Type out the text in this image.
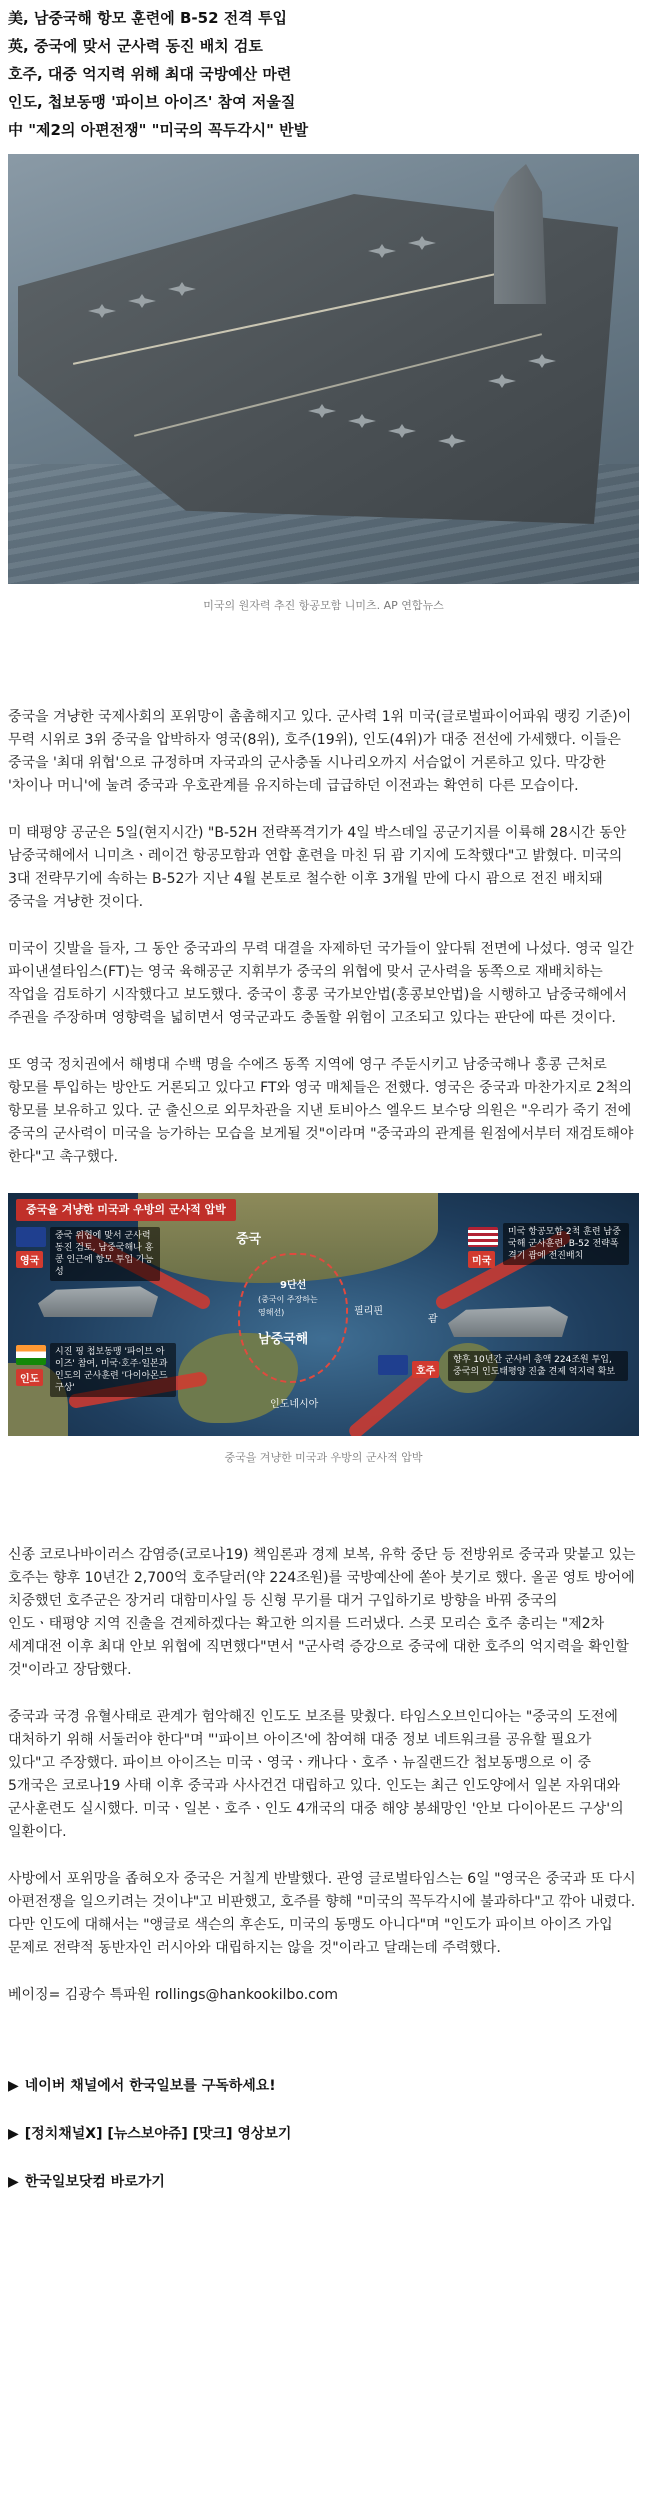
美, 남중국해 항모 훈련에 B-52 전격 투입
英, 중국에 맞서 군사력 동진 배치 검토
호주, 대중 억지력 위해 최대 국방예산 마련
인도, 첩보동맹 '파이브 아이즈' 참여 저울질
中 "제2의 아편전쟁" "미국의 꼭두각시" 반발
미국의 원자력 추진 항공모함 니미츠. AP 연합뉴스

중국을 겨냥한 국제사회의 포위망이 촘촘해지고 있다. 군사력 1위 미국(글로벌파이어파워 랭킹 기준)이 무력 시위로 3위 중국을 압박하자 영국(8위), 호주(19위), 인도(4위)가 대중 전선에 가세했다. 이들은 중국을 '최대 위협'으로 규정하며 자국과의 군사충돌 시나리오까지 서슴없이 거론하고 있다. 막강한 '차이나 머니'에 눌려 중국과 우호관계를 유지하는데 급급하던 이전과는 확연히 다른 모습이다.

미 태평양 공군은 5일(현지시간) "B-52H 전략폭격기가 4일 박스데일 공군기지를 이륙해 28시간 동안 남중국해에서 니미츠ㆍ레이건 항공모함과 연합 훈련을 마친 뒤 괌 기지에 도착했다"고 밝혔다. 미국의 3대 전략무기에 속하는 B-52가 지난 4월 본토로 철수한 이후 3개월 만에 다시 괌으로 전진 배치돼 중국을 겨냥한 것이다.

미국이 깃발을 들자, 그 동안 중국과의 무력 대결을 자제하던 국가들이 앞다퉈 전면에 나섰다. 영국 일간 파이낸셜타임스(FT)는 영국 육해공군 지휘부가 중국의 위협에 맞서 군사력을 동쪽으로 재배치하는 작업을 검토하기 시작했다고 보도했다. 중국이 홍콩 국가보안법(홍콩보안법)을 시행하고 남중국해에서 주권을 주장하며 영향력을 넓히면서 영국군과도 충돌할 위험이 고조되고 있다는 판단에 따른 것이다.

또 영국 정치권에서 해병대 수백 명을 수에즈 동쪽 지역에 영구 주둔시키고 남중국해나 홍콩 근처로 항모를 투입하는 방안도 거론되고 있다고 FT와 영국 매체들은 전했다. 영국은 중국과 마찬가지로 2척의 항모를 보유하고 있다. 군 출신으로 외무차관을 지낸 토비아스 엘우드 보수당 의원은 "우리가 죽기 전에 중국의 군사력이 미국을 능가하는 모습을 보게될 것"이라며 "중국과의 관계를 원점에서부터 재검토해야 한다"고 촉구했다.

중국을 겨냥한 미국과 우방의 군사적 압박
영국
중국 위협에 맞서 군사력 동진 검토, 남중국해나 홍콩 인근에 항모 투입 가능성
미국
미국 항공모함 2척 훈련 남중국해 군사훈련, B-52 전략폭격기 괌에 전진배치
인도
시진 핑 첩보동맹 '파이브 아이즈' 참여, 미국·호주·일본과 인도의 군사훈련 '다이아몬드 구상'
호주
향후 10년간 군사비 총액 224조원 투입, 중국의 인도태평양 진출 견제 억지력 확보
중국
9단선
(중국이 주장하는 영해선)
남중국해
필리핀
괌
인도네시아
중국을 겨냥한 미국과 우방의 군사적 압박

신종 코로나바이러스 감염증(코로나19) 책임론과 경제 보복, 유학 중단 등 전방위로 중국과 맞붙고 있는 호주는 향후 10년간 2,700억 호주달러(약 224조원)를 국방예산에 쏟아 붓기로 했다. 올곧 영토 방어에 치중했던 호주군은 장거리 대함미사일 등 신형 무기를 대거 구입하기로 방향을 바꿔 중국의 인도ㆍ태평양 지역 진출을 견제하겠다는 확고한 의지를 드러냈다. 스콧 모리슨 호주 총리는 "제2차 세계대전 이후 최대 안보 위협에 직면했다"면서 "군사력 증강으로 중국에 대한 호주의 억지력을 확인할 것"이라고 장담했다.

중국과 국경 유혈사태로 관계가 험악해진 인도도 보조를 맞췄다. 타임스오브인디아는 "중국의 도전에 대처하기 위해 서둘러야 한다"며 "'파이브 아이즈'에 참여해 대중 정보 네트워크를 공유할 필요가 있다"고 주장했다. 파이브 아이즈는 미국ㆍ영국ㆍ캐나다ㆍ호주ㆍ뉴질랜드간 첩보동맹으로 이 중 5개국은 코로나19 사태 이후 중국과 사사건건 대립하고 있다. 인도는 최근 인도양에서 일본 자위대와 군사훈련도 실시했다. 미국ㆍ일본ㆍ호주ㆍ인도 4개국의 대중 해양 봉쇄망인 '안보 다이아몬드 구상'의 일환이다.

사방에서 포위망을 좁혀오자 중국은 거칠게 반발했다. 관영 글로벌타임스는 6일 "영국은 중국과 또 다시 아편전쟁을 일으키려는 것이냐"고 비판했고, 호주를 향해 "미국의 꼭두각시에 불과하다"고 깎아 내렸다. 다만 인도에 대해서는 "앵글로 색슨의 후손도, 미국의 동맹도 아니다"며 "인도가 파이브 아이즈 가입 문제로 전략적 동반자인 러시아와 대립하지는 않을 것"이라고 달래는데 주력했다.

베이징= 김광수 특파원 rollings@hankookilbo.com

▶ 네이버 채널에서 한국일보를 구독하세요!
▶ [정치채널X] [뉴스보야쥬] [맛크] 영상보기
▶ 한국일보닷컴 바로가기
